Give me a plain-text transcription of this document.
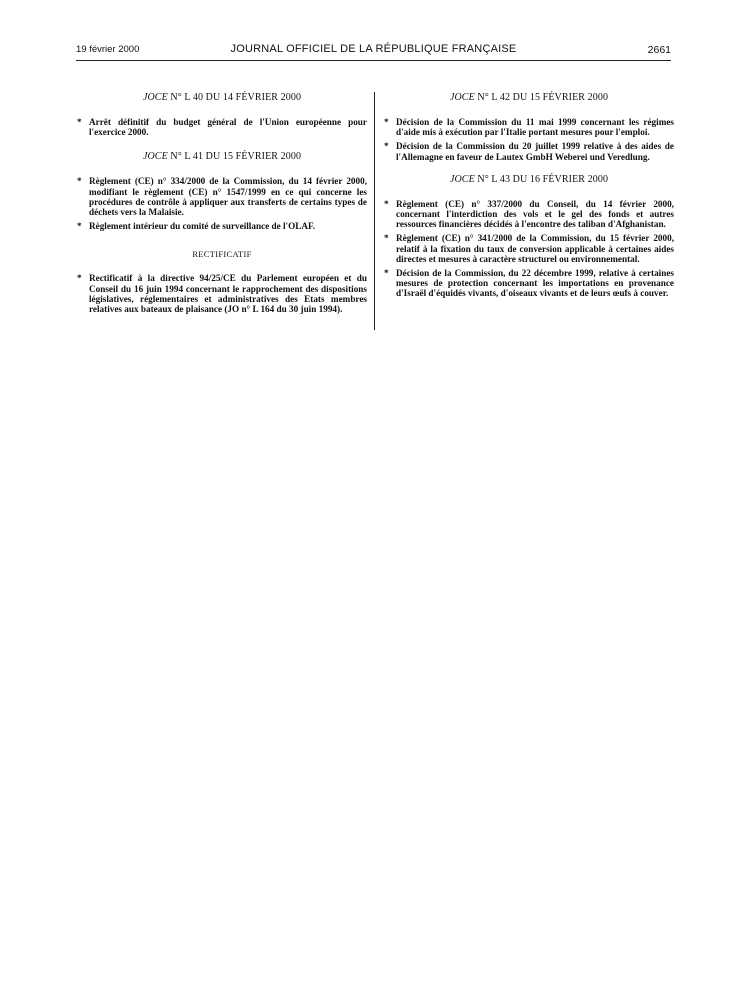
19 février 2000	JOURNAL OFFICIEL DE LA RÉPUBLIQUE FRANÇAISE	2661
JOCE N° L 40 DU 14 FÉVRIER 2000
* Arrêt définitif du budget général de l'Union européenne pour l'exercice 2000.
JOCE N° L 41 DU 15 FÉVRIER 2000
* Règlement (CE) n° 334/2000 de la Commission, du 14 février 2000, modifiant le règlement (CE) n° 1547/1999 en ce qui concerne les procédures de contrôle à appliquer aux transferts de certains types de déchets vers la Malaisie.
* Règlement intérieur du comité de surveillance de l'OLAF.
RECTIFICATIF
* Rectificatif à la directive 94/25/CE du Parlement européen et du Conseil du 16 juin 1994 concernant le rapprochement des dispositions législatives, réglementaires et administratives des Etats membres relatives aux bateaux de plaisance (JO n° L 164 du 30 juin 1994).
JOCE N° L 42 DU 15 FÉVRIER 2000
* Décision de la Commission du 11 mai 1999 concernant les régimes d'aide mis à exécution par l'Italie portant mesures pour l'emploi.
* Décision de la Commission du 20 juillet 1999 relative à des aides de l'Allemagne en faveur de Lautex GmbH Weberei und Veredlung.
JOCE N° L 43 DU 16 FÉVRIER 2000
* Règlement (CE) n° 337/2000 du Conseil, du 14 février 2000, concernant l'interdiction des vols et le gel des fonds et autres ressources financières décidés à l'encontre des taliban d'Afghanistan.
* Règlement (CE) n° 341/2000 de la Commission, du 15 février 2000, relatif à la fixation du taux de conversion applicable à certaines aides directes et mesures à caractère structurel ou environnemental.
* Décision de la Commission, du 22 décembre 1999, relative à certaines mesures de protection concernant les importations en provenance d'Israël d'équidés vivants, d'oiseaux vivants et de leurs œufs à couver.
